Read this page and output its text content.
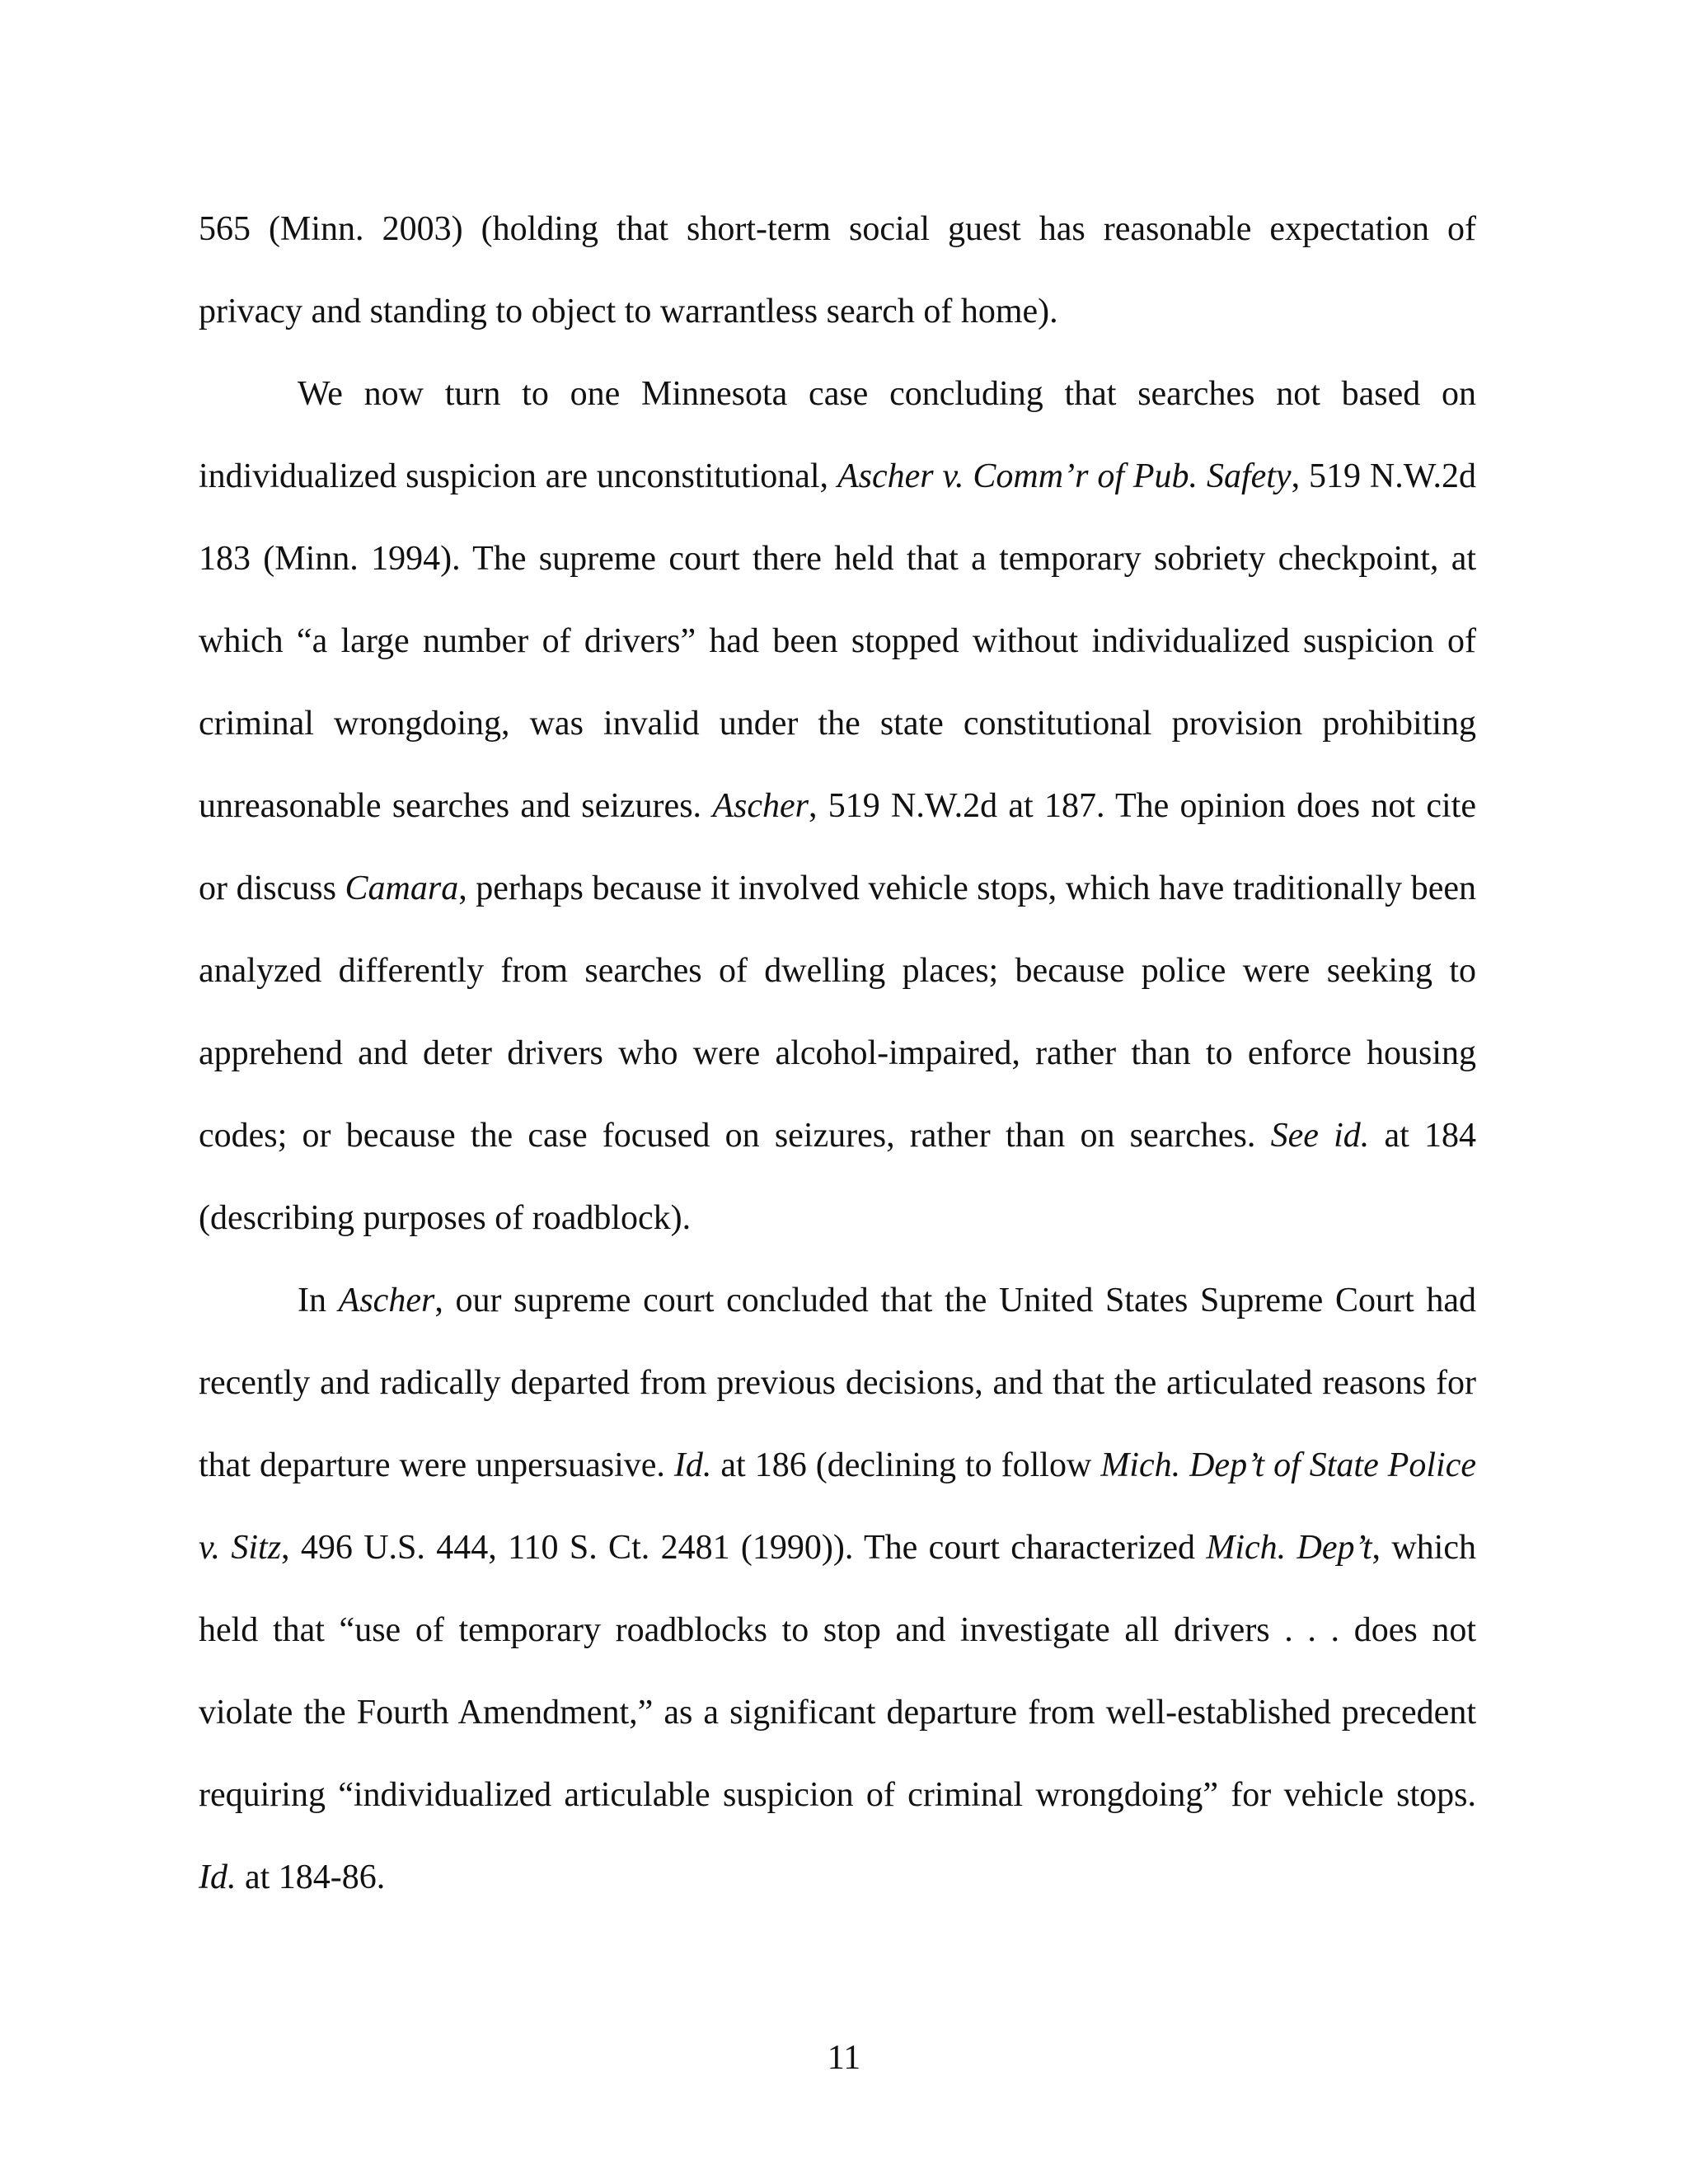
565 (Minn. 2003) (holding that short-term social guest has reasonable expectation of privacy and standing to object to warrantless search of home).

We now turn to one Minnesota case concluding that searches not based on individualized suspicion are unconstitutional, Ascher v. Comm’r of Pub. Safety, 519 N.W.2d 183 (Minn. 1994). The supreme court there held that a temporary sobriety checkpoint, at which “a large number of drivers” had been stopped without individualized suspicion of criminal wrongdoing, was invalid under the state constitutional provision prohibiting unreasonable searches and seizures. Ascher, 519 N.W.2d at 187. The opinion does not cite or discuss Camara, perhaps because it involved vehicle stops, which have traditionally been analyzed differently from searches of dwelling places; because police were seeking to apprehend and deter drivers who were alcohol-impaired, rather than to enforce housing codes; or because the case focused on seizures, rather than on searches. See id. at 184 (describing purposes of roadblock).

In Ascher, our supreme court concluded that the United States Supreme Court had recently and radically departed from previous decisions, and that the articulated reasons for that departure were unpersuasive. Id. at 186 (declining to follow Mich. Dep’t of State Police v. Sitz, 496 U.S. 444, 110 S. Ct. 2481 (1990)). The court characterized Mich. Dep’t, which held that “use of temporary roadblocks to stop and investigate all drivers . . . does not violate the Fourth Amendment,” as a significant departure from well-established precedent requiring “individualized articulable suspicion of criminal wrongdoing” for vehicle stops. Id. at 184-86.

11
